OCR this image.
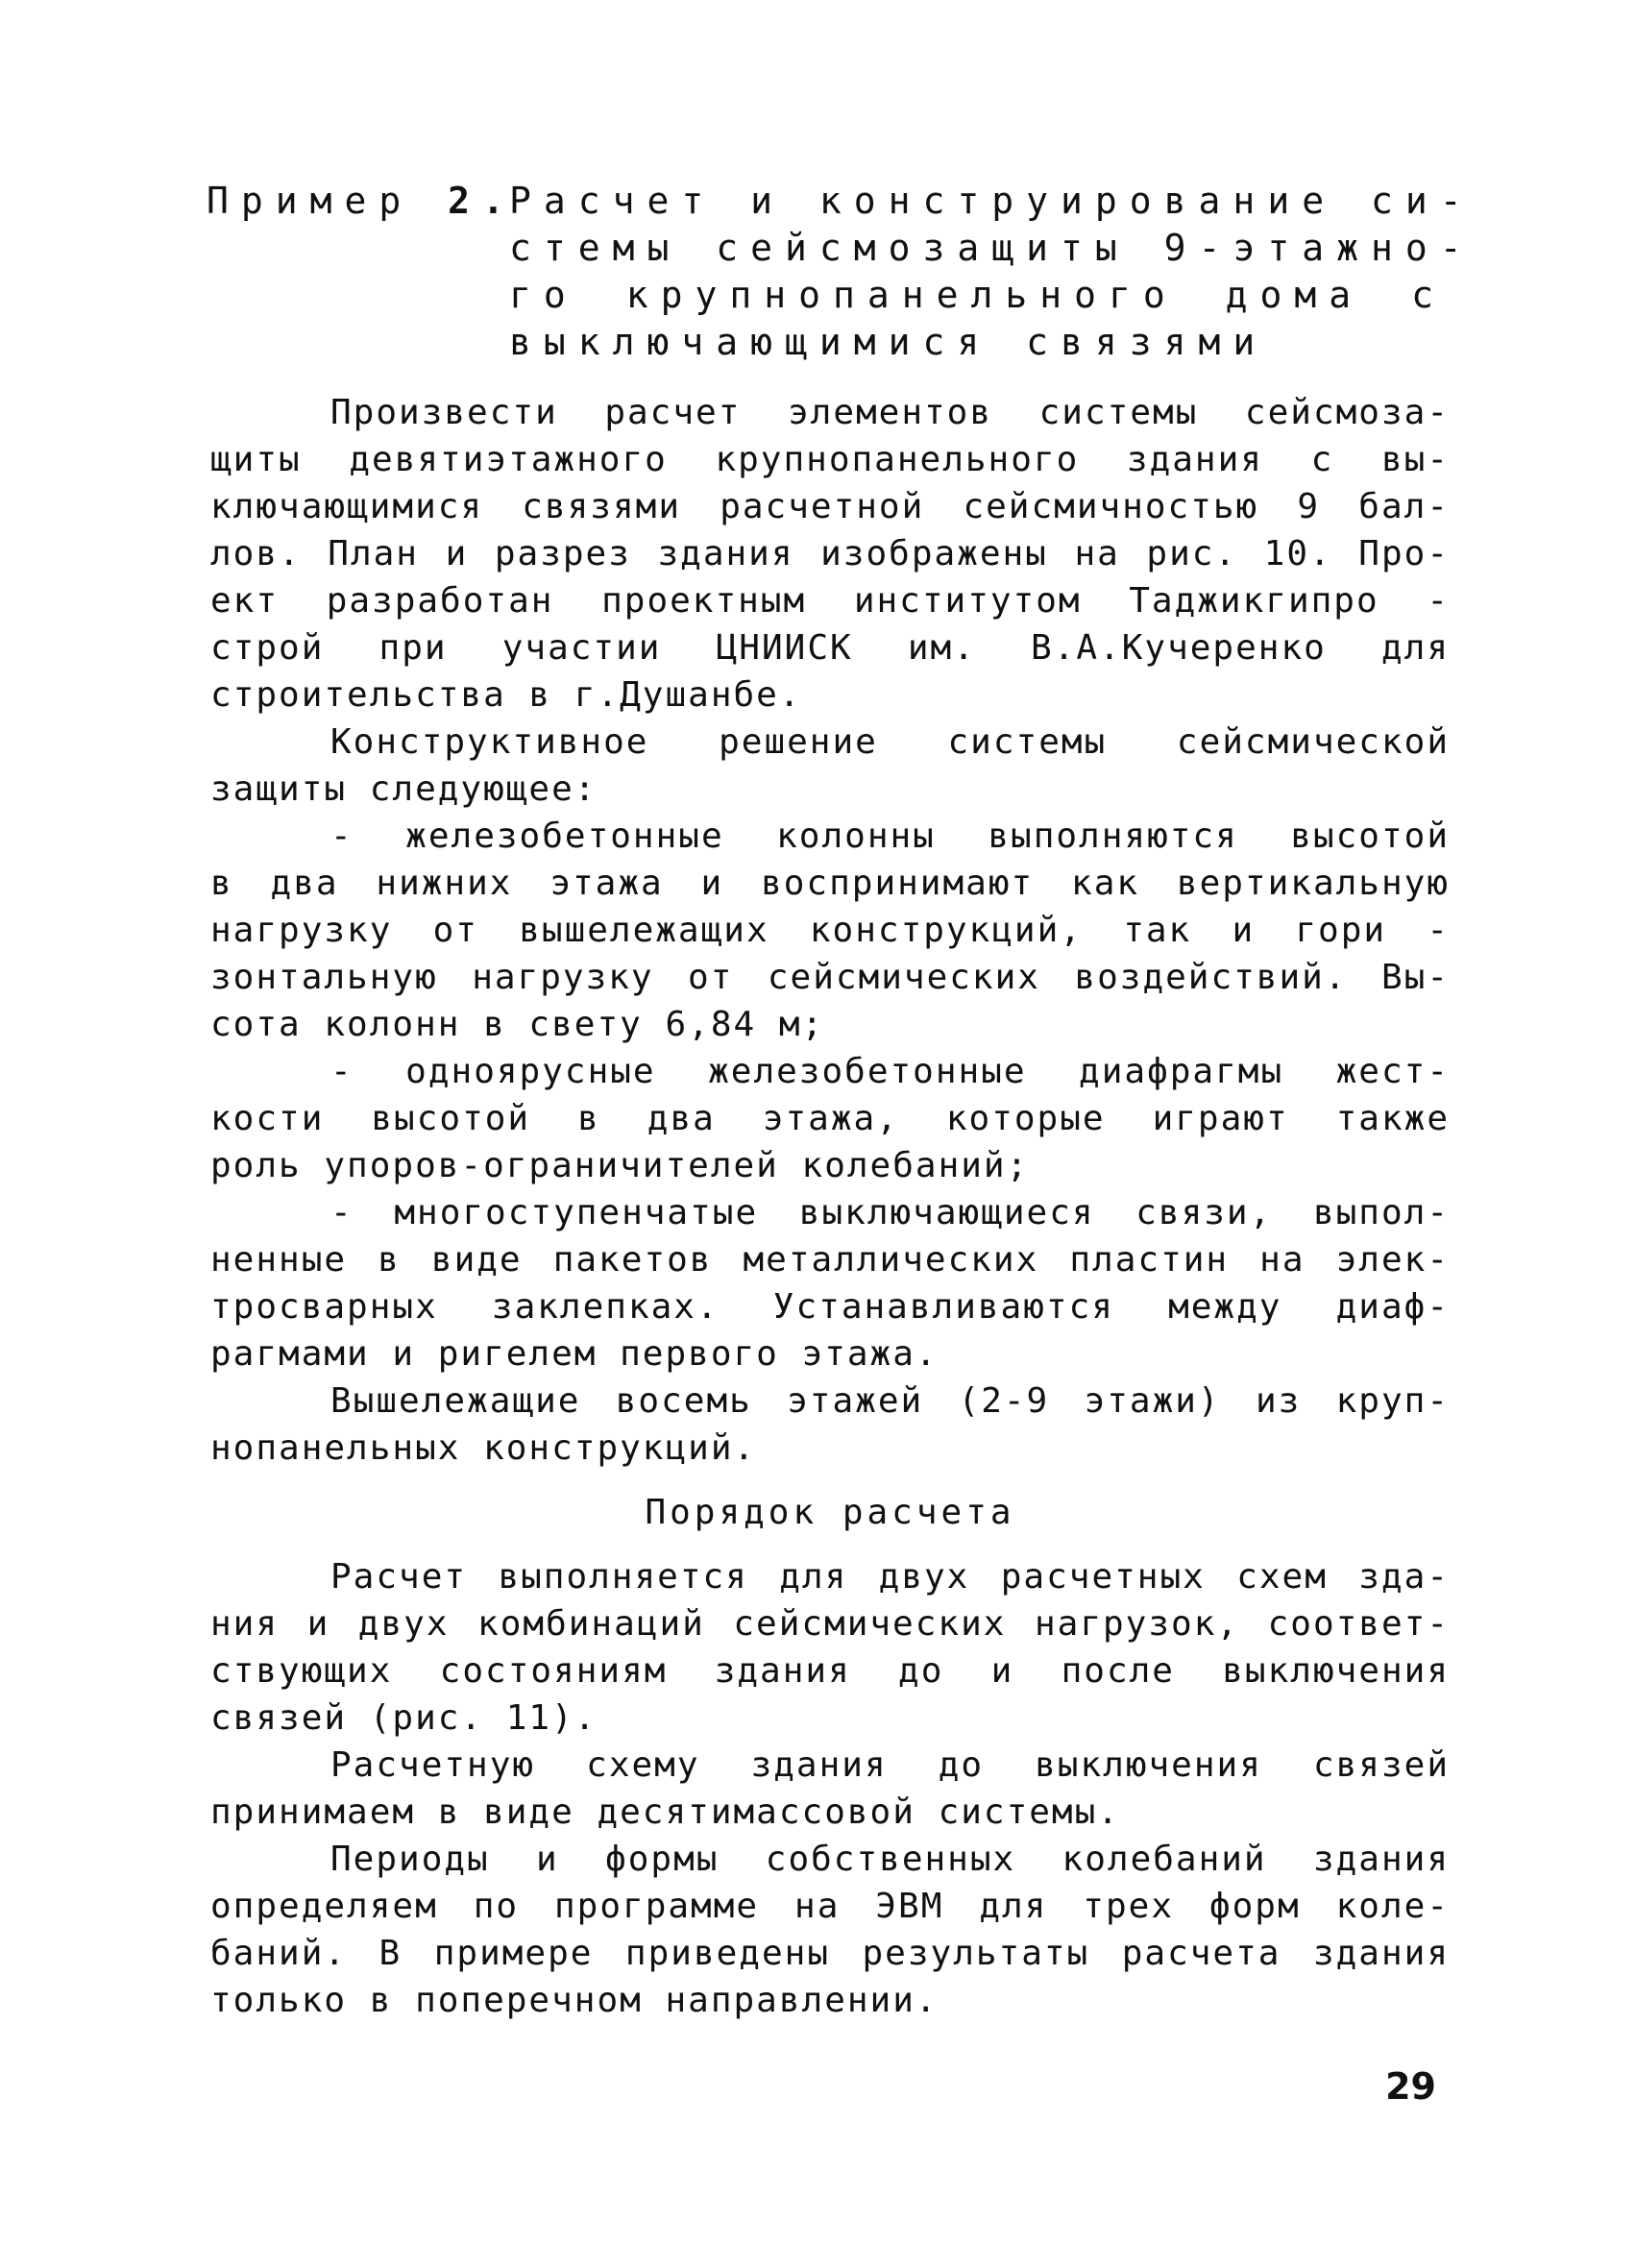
Пример 2.
Расчет и конструирование си-
стемы сейсмозащиты 9-этажно-
го крупнопанельного дома с
выключающимися связями
Произвести расчет элементов системы сейсмоза-
щиты девятиэтажного крупнопанельного здания с вы-
ключающимися связями расчетной сейсмичностью 9 бал-
лов. План и разрез здания изображены на рис. 10. Про-
ект разработан проектным институтом Таджикгипро -
строй при участии ЦНИИСК им. В.А.Кучеренко для
строительства в г.Душанбе.
Конструктивное решение системы сейсмической
защиты следующее:
- железобетонные колонны выполняются высотой
в два нижних этажа и воспринимают как вертикальную
нагрузку от вышележащих конструкций, так и гори -
зонтальную нагрузку от сейсмических воздействий. Вы-
сота колонн в свету 6,84 м;
- одноярусные железобетонные диафрагмы жест-
кости высотой в два этажа, которые играют также
роль упоров-ограничителей колебаний;
- многоступенчатые выключающиеся связи, выпол-
ненные в виде пакетов металлических пластин на элек-
тросварных заклепках. Устанавливаются между диаф-
рагмами и ригелем первого этажа.
Вышележащие восемь этажей (2-9 этажи) из круп-
нопанельных конструкций.
Порядок расчета
Расчет выполняется для двух расчетных схем зда-
ния и двух комбинаций сейсмических нагрузок, соответ-
ствующих состояниям здания до и после выключения
связей (рис. 11).
Расчетную схему здания до выключения связей
принимаем в виде десятимассовой системы.
Периоды и формы собственных колебаний здания
определяем по программе на ЭВМ для трех форм коле-
баний. В примере приведены результаты расчета здания
только в поперечном направлении.
29
